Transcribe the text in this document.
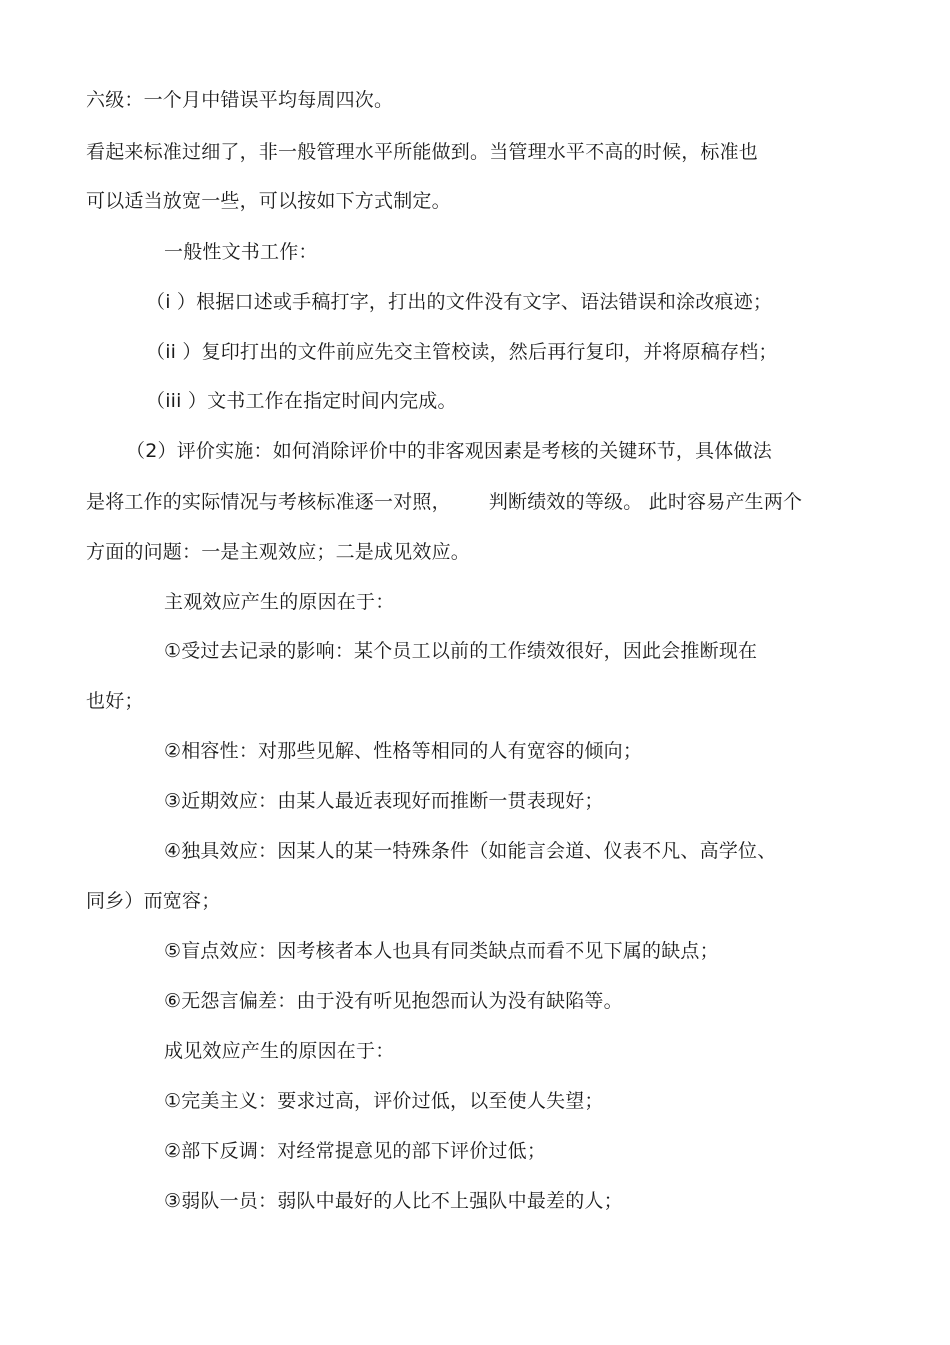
六级：一个月中错误平均每周四次。
看起来标准过细了，非一般管理水平所能做到。当管理水平不高的时候，标准也
可以适当放宽一些，可以按如下方式制定。
一般性文书工作：
（i ）根据口述或手稿打字，打出的文件没有文字、语法错误和涂改痕迹；
（ii ）复印打出的文件前应先交主管校读，然后再行复印，并将原稿存档；
（iii ）文书工作在指定时间内完成。
（2）评价实施：如何消除评价中的非客观因素是考核的关键环节，具体做法
是将工作的实际情况与考核标准逐一对照， 判断绩效的等级。 此时容易产生两个
方面的问题：一是主观效应；二是成见效应。
主观效应产生的原因在于：
①受过去记录的影响：某个员工以前的工作绩效很好，因此会推断现在
也好；
②相容性：对那些见解、性格等相同的人有宽容的倾向；
③近期效应：由某人最近表现好而推断一贯表现好；
④独具效应：因某人的某一特殊条件（如能言会道、仪表不凡、高学位、
同乡）而宽容；
⑤盲点效应：因考核者本人也具有同类缺点而看不见下属的缺点；
⑥无怨言偏差：由于没有听见抱怨而认为没有缺陷等。
成见效应产生的原因在于：
①完美主义：要求过高，评价过低，以至使人失望；
②部下反调：对经常提意见的部下评价过低；
③弱队一员：弱队中最好的人比不上强队中最差的人；
